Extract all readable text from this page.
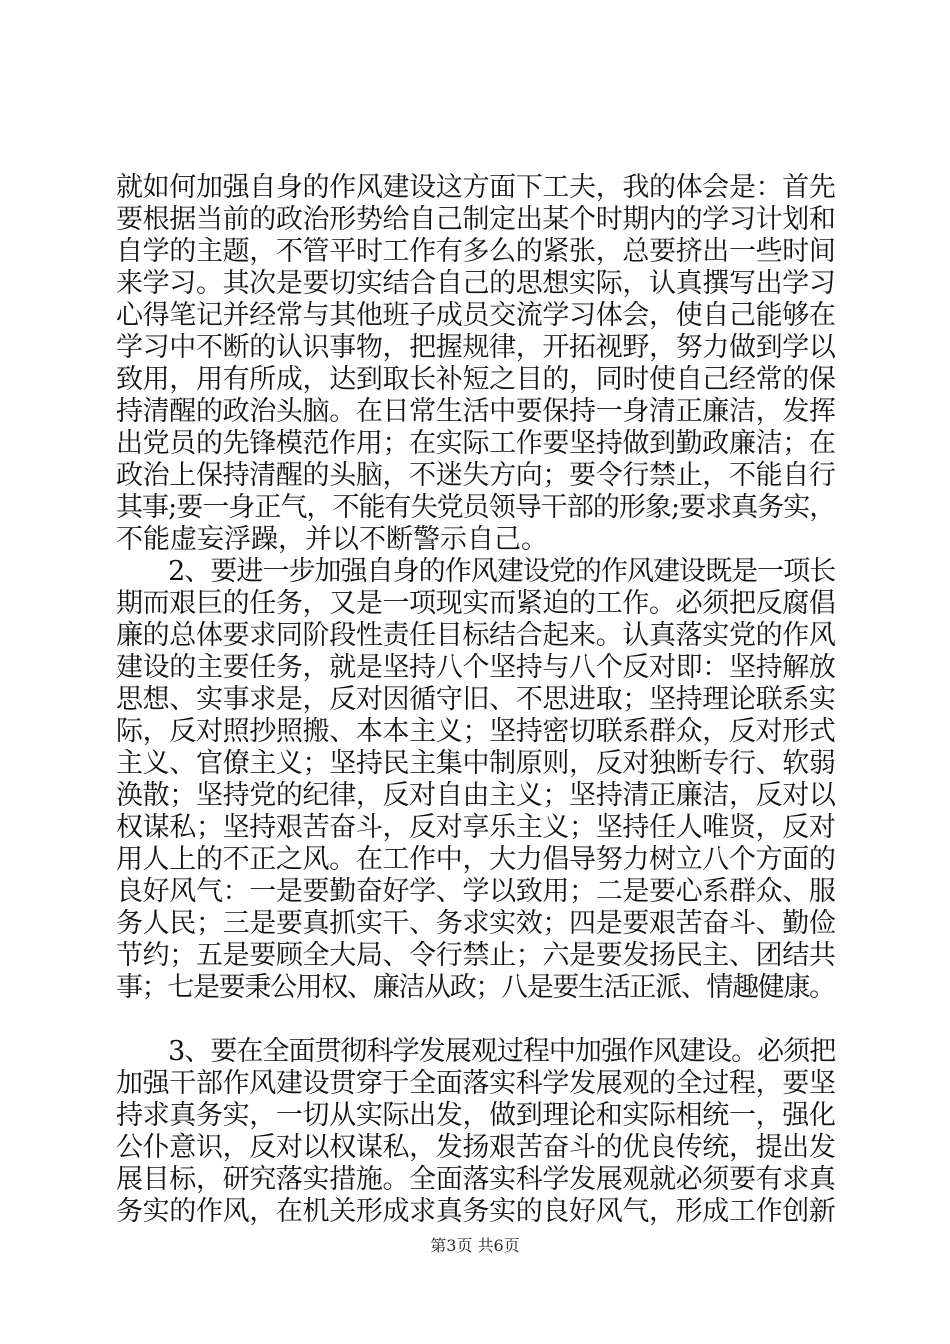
就如何加强自身的作风建设这方面下工夫，我的体会是：首先
要根据当前的政治形势给自己制定出某个时期内的学习计划和
自学的主题，不管平时工作有多么的紧张，总要挤出一些时间
来学习。其次是要切实结合自己的思想实际，认真撰写出学习
心得笔记并经常与其他班子成员交流学习体会，使自己能够在
学习中不断的认识事物，把握规律，开拓视野，努力做到学以
致用，用有所成，达到取长补短之目的，同时使自己经常的保
持清醒的政治头脑。在日常生活中要保持一身清正廉洁，发挥
出党员的先锋模范作用；在实际工作要坚持做到勤政廉洁；在
政治上保持清醒的头脑，不迷失方向；要令行禁止，不能自行
其事;要一身正气，不能有失党员领导干部的形象;要求真务实，
不能虚妄浮躁，并以不断警示自己。
　　2、要进一步加强自身的作风建设党的作风建设既是一项长
期而艰巨的任务，又是一项现实而紧迫的工作。必须把反腐倡
廉的总体要求同阶段性责任目标结合起来。认真落实党的作风
建设的主要任务，就是坚持八个坚持与八个反对即：坚持解放
思想、实事求是，反对因循守旧、不思进取；坚持理论联系实
际，反对照抄照搬、本本主义；坚持密切联系群众，反对形式
主义、官僚主义；坚持民主集中制原则，反对独断专行、软弱
涣散；坚持党的纪律，反对自由主义；坚持清正廉洁，反对以
权谋私；坚持艰苦奋斗，反对享乐主义；坚持任人唯贤，反对
用人上的不正之风。在工作中，大力倡导努力树立八个方面的
良好风气：一是要勤奋好学、学以致用；二是要心系群众、服
务人民；三是要真抓实干、务求实效；四是要艰苦奋斗、勤俭
节约；五是要顾全大局、令行禁止；六是要发扬民主、团结共
事；七是要秉公用权、廉洁从政；八是要生活正派、情趣健康。
　　3、要在全面贯彻科学发展观过程中加强作风建设。必须把
加强干部作风建设贯穿于全面落实科学发展观的全过程，要坚
持求真务实，一切从实际出发，做到理论和实际相统一，强化
公仆意识，反对以权谋私，发扬艰苦奋斗的优良传统，提出发
展目标，研究落实措施。全面落实科学发展观就必须要有求真
务实的作风，在机关形成求真务实的良好风气，形成工作创新
第3页 共6页
